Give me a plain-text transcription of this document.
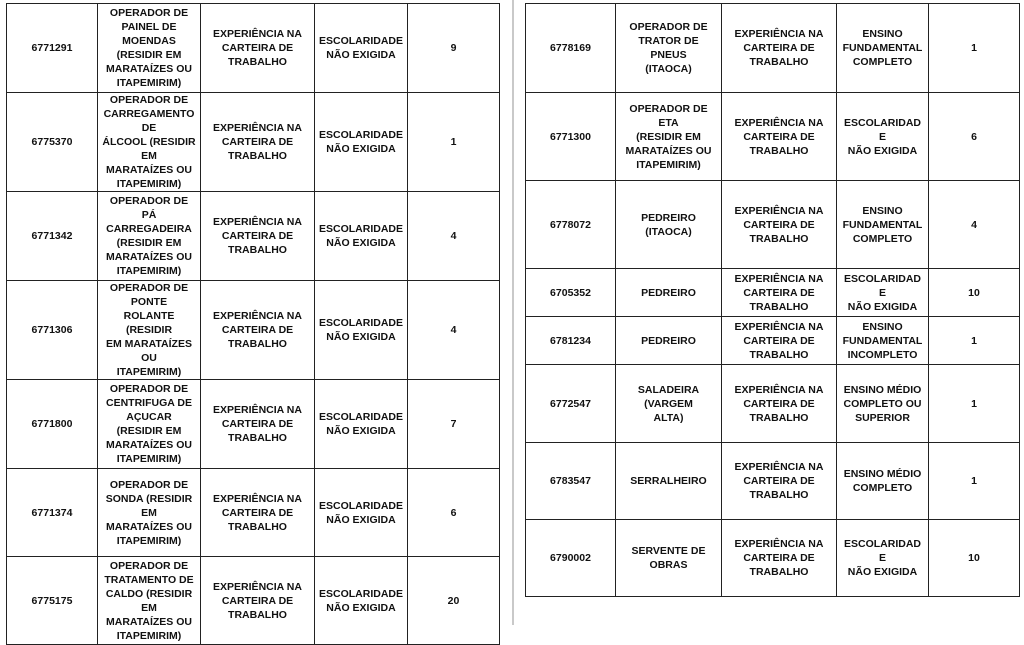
6771291	OPERADOR DE
PAINEL DE MOENDAS
(RESIDIR EM
MARATAÍZES OU
ITAPEMIRIM)	EXPERIÊNCIA NA
CARTEIRA DE
TRABALHO	ESCOLARIDADE
NÃO EXIGIDA	9
6775370	OPERADOR DE
CARREGAMENTO DE
ÁLCOOL (RESIDIR EM
MARATAÍZES OU
ITAPEMIRIM)	EXPERIÊNCIA NA
CARTEIRA DE
TRABALHO	ESCOLARIDADE
NÃO EXIGIDA	1
6771342	OPERADOR DE PÁ
CARREGADEIRA
(RESIDIR EM
MARATAÍZES OU
ITAPEMIRIM)	EXPERIÊNCIA NA
CARTEIRA DE
TRABALHO	ESCOLARIDADE
NÃO EXIGIDA	4
6771306	OPERADOR DE PONTE
ROLANTE (RESIDIR
EM MARATAÍZES OU
ITAPEMIRIM)	EXPERIÊNCIA NA
CARTEIRA DE
TRABALHO	ESCOLARIDADE
NÃO EXIGIDA	4
6771800	OPERADOR DE
CENTRIFUGA DE
AÇUCAR (RESIDIR EM
MARATAÍZES OU
ITAPEMIRIM)	EXPERIÊNCIA NA
CARTEIRA DE
TRABALHO	ESCOLARIDADE
NÃO EXIGIDA	7
6771374	OPERADOR DE
SONDA (RESIDIR EM
MARATAÍZES OU
ITAPEMIRIM)	EXPERIÊNCIA NA
CARTEIRA DE
TRABALHO	ESCOLARIDADE
NÃO EXIGIDA	6
6775175	OPERADOR DE
TRATAMENTO DE
CALDO (RESIDIR EM
MARATAÍZES OU
ITAPEMIRIM)	EXPERIÊNCIA NA
CARTEIRA DE
TRABALHO	ESCOLARIDADE
NÃO EXIGIDA	20
6778169	OPERADOR DE
TRATOR DE PNEUS
(ITAOCA)	EXPERIÊNCIA NA
CARTEIRA DE
TRABALHO	ENSINO
FUNDAMENTAL
COMPLETO	1
6771300	OPERADOR DE ETA
(RESIDIR EM
MARATAÍZES OU
ITAPEMIRIM)	EXPERIÊNCIA NA
CARTEIRA DE
TRABALHO	ESCOLARIDADE
NÃO EXIGIDA	6
6778072	PEDREIRO (ITAOCA)	EXPERIÊNCIA NA
CARTEIRA DE
TRABALHO	ENSINO
FUNDAMENTAL
COMPLETO	4
6705352	PEDREIRO	EXPERIÊNCIA NA
CARTEIRA DE
TRABALHO	ESCOLARIDADE
NÃO EXIGIDA	10
6781234	PEDREIRO	EXPERIÊNCIA NA
CARTEIRA DE
TRABALHO	ENSINO
FUNDAMENTAL
INCOMPLETO	1
6772547	SALADEIRA (VARGEM
ALTA)	EXPERIÊNCIA NA
CARTEIRA DE
TRABALHO	ENSINO MÉDIO
COMPLETO OU
SUPERIOR	1
6783547	SERRALHEIRO	EXPERIÊNCIA NA
CARTEIRA DE
TRABALHO	ENSINO MÉDIO
COMPLETO	1
6790002	SERVENTE DE OBRAS	EXPERIÊNCIA NA
CARTEIRA DE
TRABALHO	ESCOLARIDADE
NÃO EXIGIDA	10
